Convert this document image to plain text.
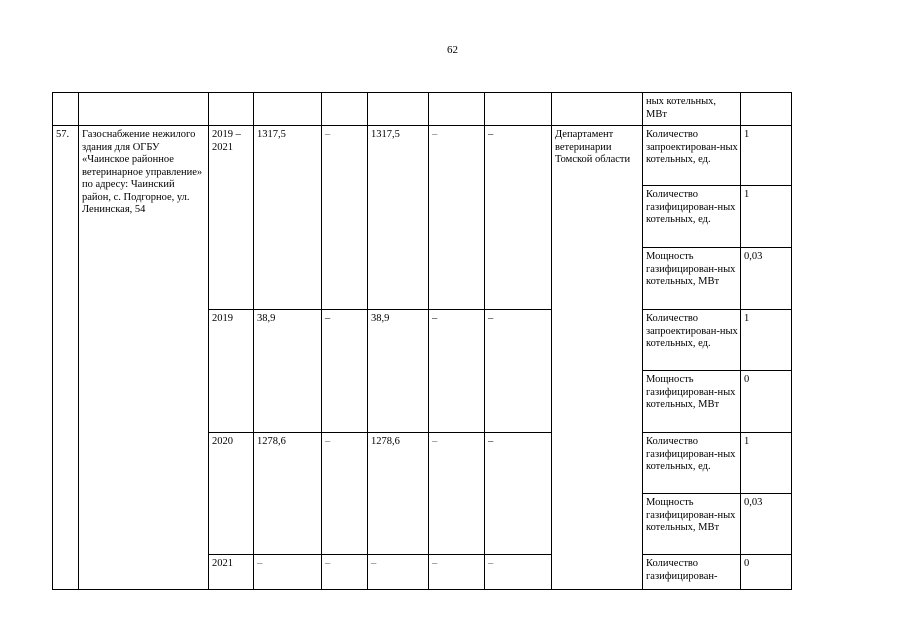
62
									ных котельных, МВт	
57.	Газоснабжение нежилого здания для ОГБУ «Чаинское районное ветеринарное управление» по адресу: Чаинский район, с. Подгорное, ул. Ленинская, 54	2019 – 2021	1317,5	–	1317,5	–	–	Департамент ветеринарии Томской области	Количество запроектирован-ных котельных, ед.	1
									Количество газифицирован-ных котельных, ед.	1
									Мощность газифицирован-ных котельных, МВт	0,03
		2019	38,9	–	38,9	–	–		Количество запроектирован-ных котельных, ед.	1
									Мощность газифицирован-ных котельных, МВт	0
		2020	1278,6	–	1278,6	–	–		Количество газифицирован-ных котельных, ед.	1
									Мощность газифицирован-ных котельных, МВт	0,03
		2021	–	–	–	–	–		Количество газифицирован-	0
